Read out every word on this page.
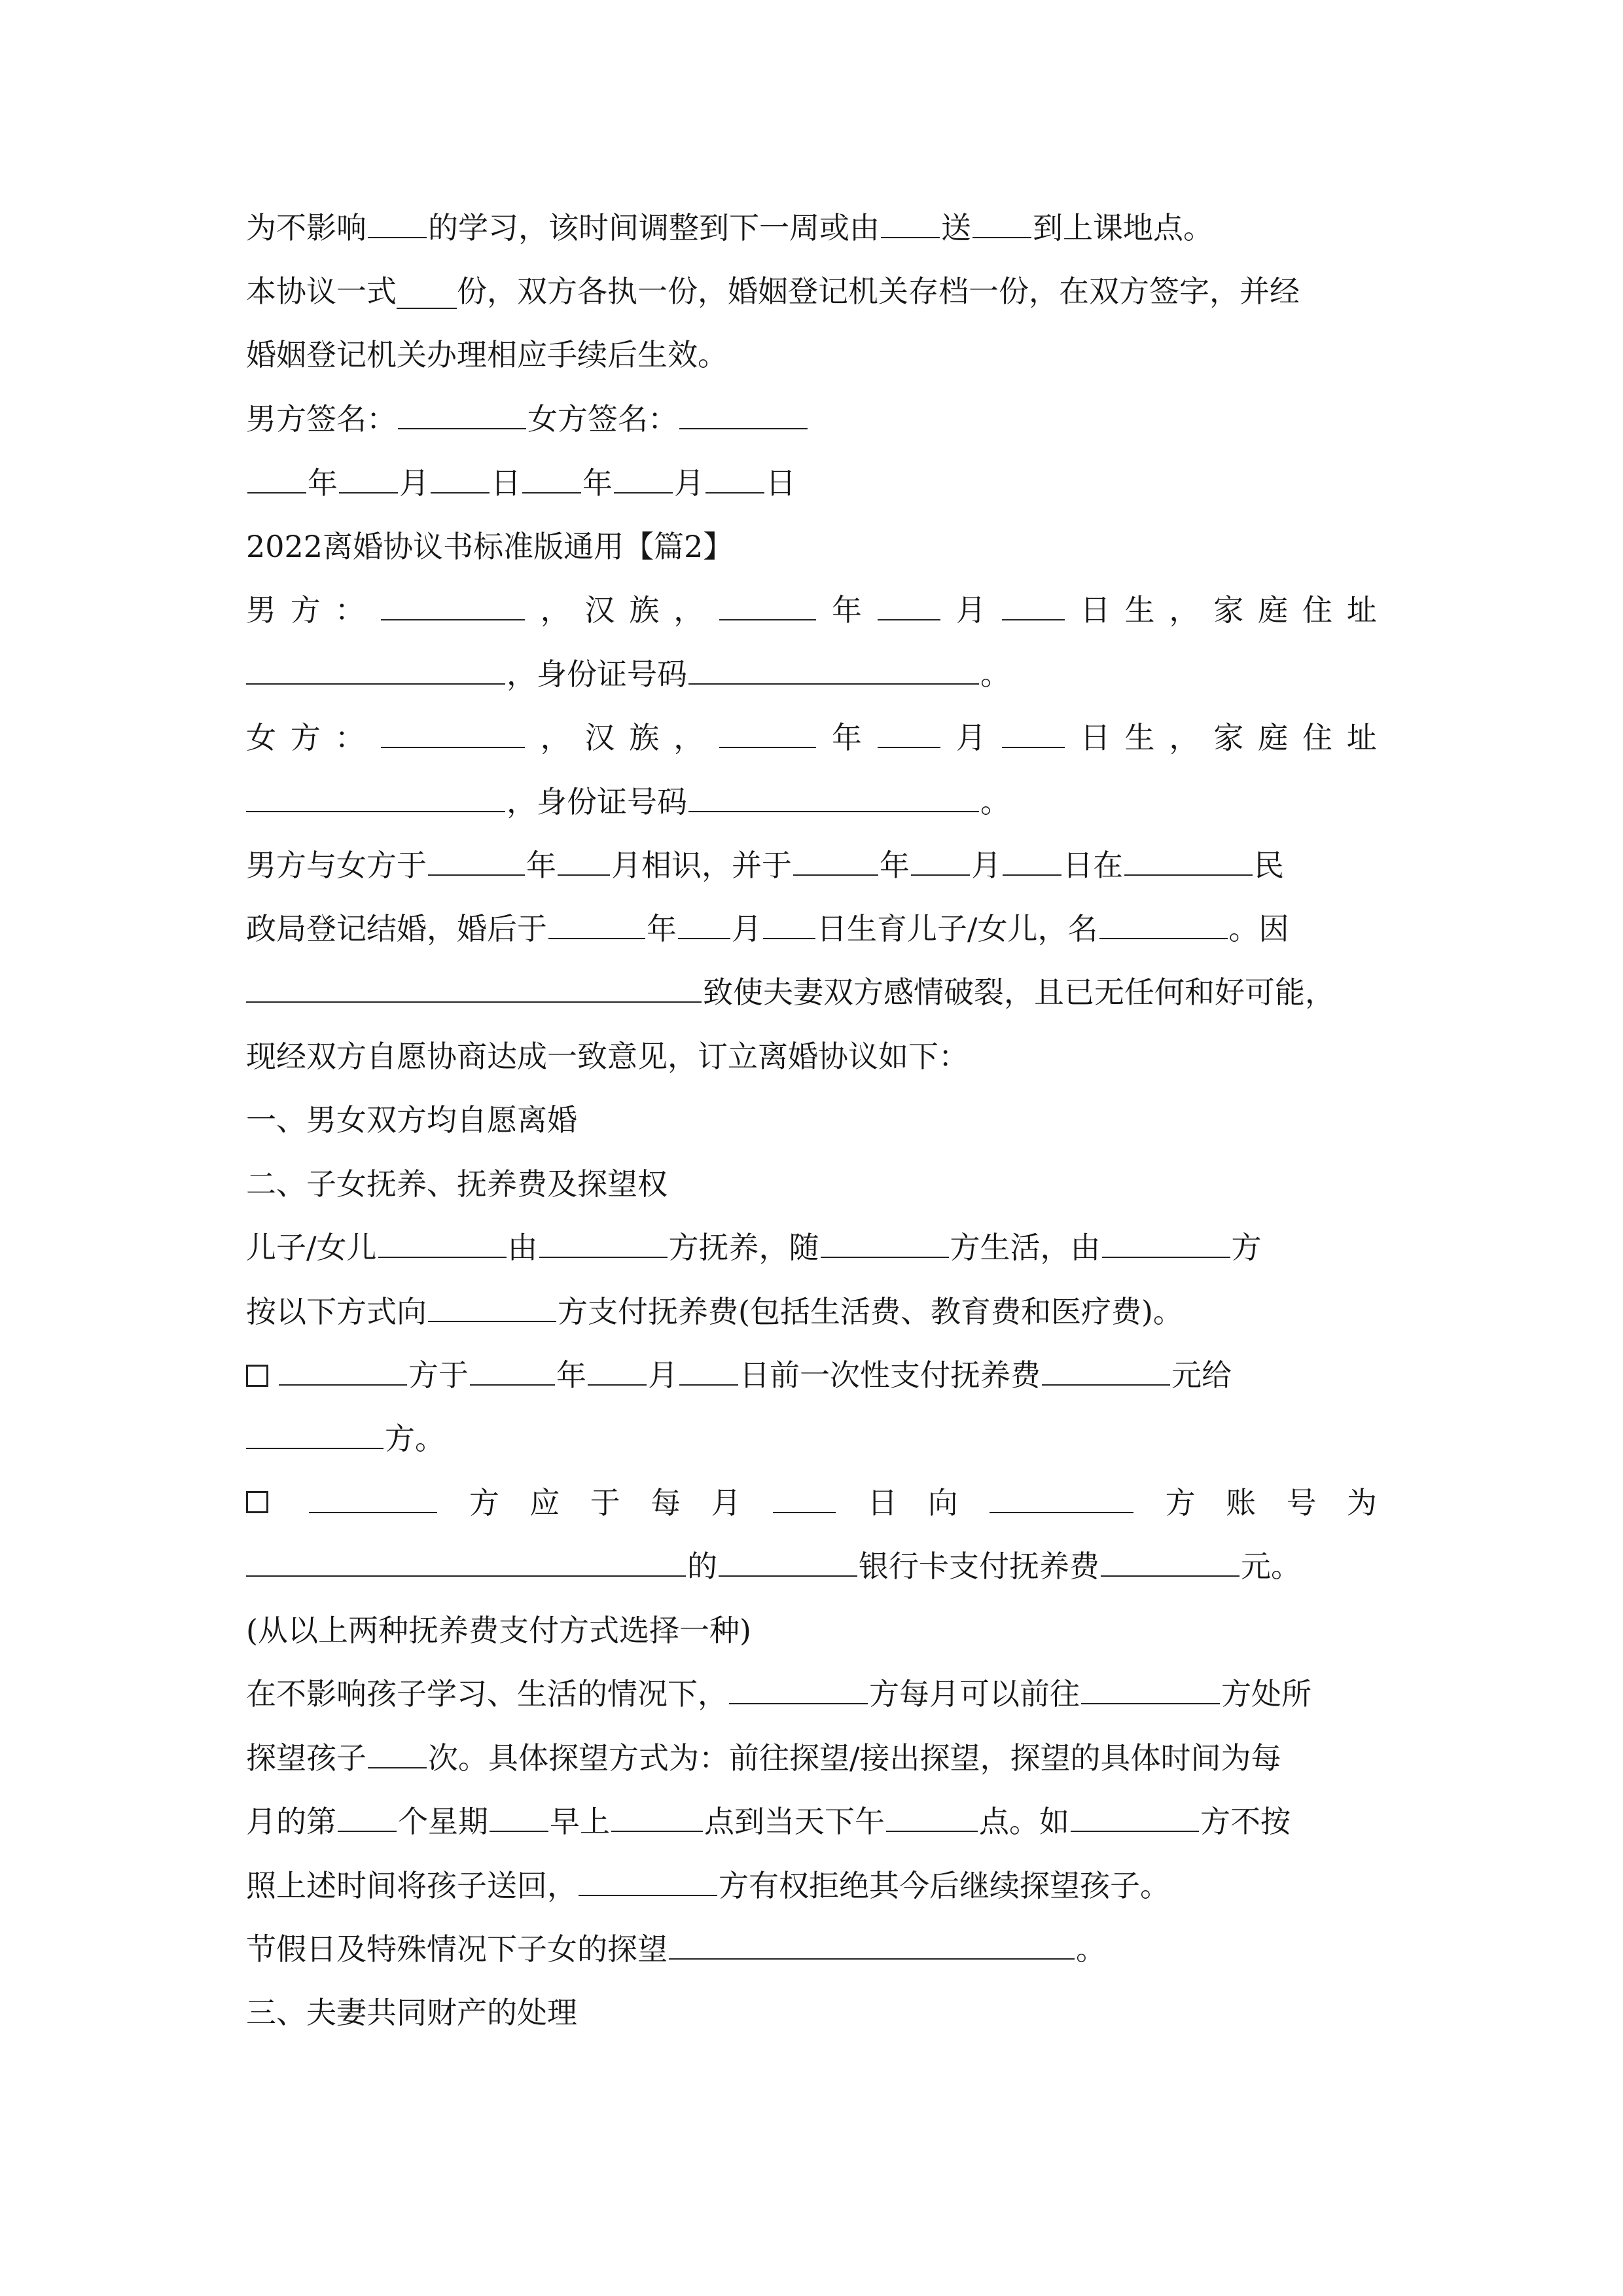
为不影响 的学习，该时间调整到下一周或由 送 到上课地点。
本协议一式____份，双方各执一份，婚姻登记机关存档一份，在双方签字，并经
婚姻登记机关办理相应手续后生效。
男方签名：	女方签名：
年 月 日 年 月 日
2022离婚协议书标准版通用【篇2】
男 方 ：	， 汉 族 ，	年	月	日 生 ， 家 庭 住 址
，身份证号码	。
女 方 ：	， 汉 族 ，	年	月	日 生 ， 家 庭 住 址
，身份证号码	。
男方与女方于	年 月相识，并于	年 月 日在	民
政局登记结婚，婚后于	年 月 日生育儿子/女儿，名	。因
致使夫妻双方感情破裂，且已无任何和好可能，
现经双方自愿协商达成一致意见，订立离婚协议如下：
一、男女双方均自愿离婚
二、子女抚养、抚养费及探望权
儿子/女儿	由	方抚养，随	方生活，由	方
按以下方式向	方支付抚养费(包括生活费、教育费和医疗费)。
方于	年 月 日前一次性支付抚养费	元给
方。
方 应 于 每 月	日 向	方 账 号 为
的	银行卡支付抚养费	元。
(从以上两种抚养费支付方式选择一种)
在不影响孩子学习、生活的情况下，	方每月可以前往	方处所
探望孩子 次。具体探望方式为：前往探望/接出探望，探望的具体时间为每
月的第 个星期 早上	点到当天下午	点。如	方不按
照上述时间将孩子送回，	方有权拒绝其今后继续探望孩子。
节假日及特殊情况下子女的探望	。
三、夫妻共同财产的处理
